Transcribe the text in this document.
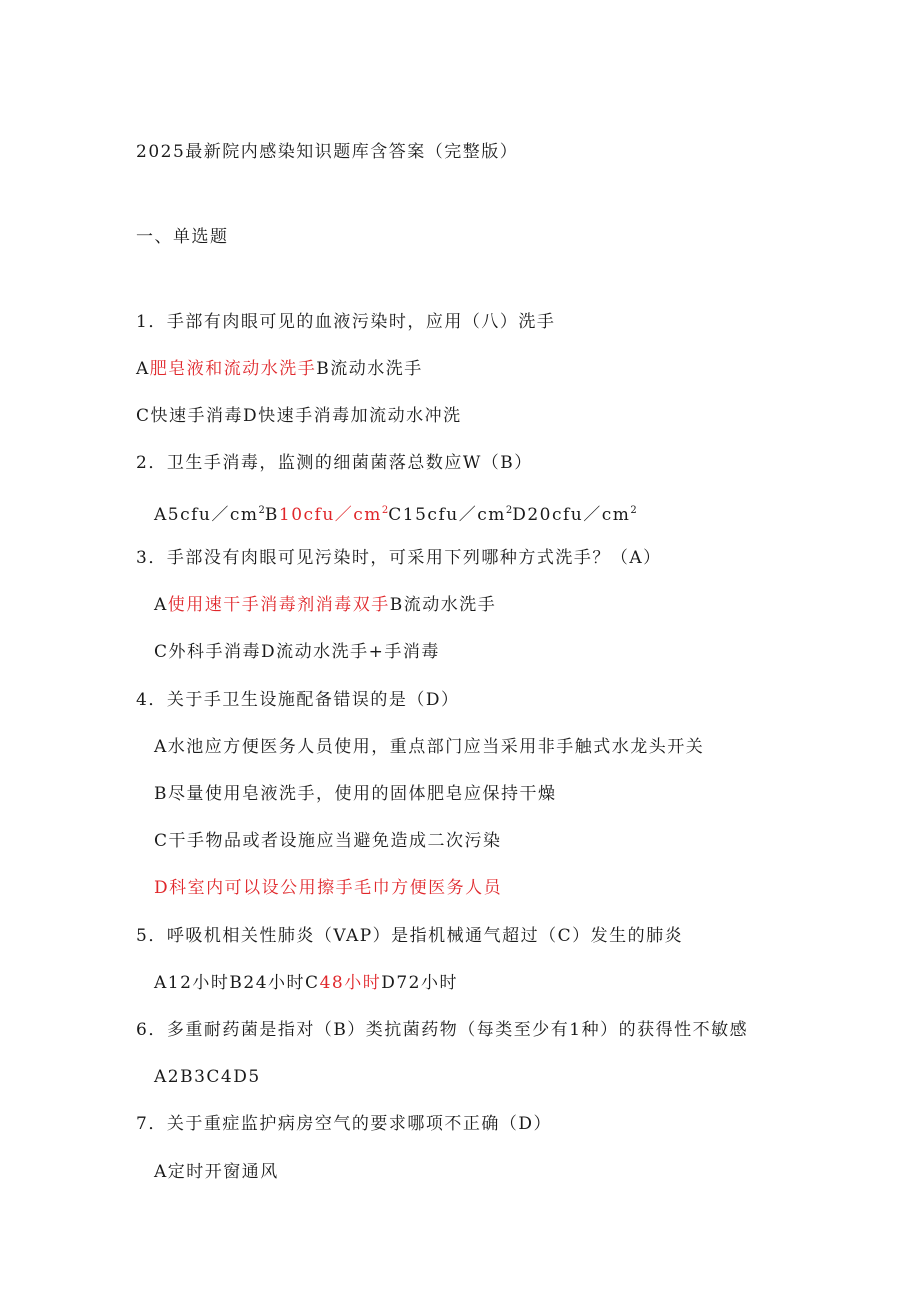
2025最新院内感染知识题库含答案（完整版）
一、单选题
1．手部有肉眼可见的血液污染时，应用（八）洗手
A肥皂液和流动水洗手B流动水洗手
C快速手消毒D快速手消毒加流动水冲洗
2．卫生手消毒，监测的细菌菌落总数应W（B）
$A5cfu/cm^2B10cfu/cm^2C15cfu/cm^2D20cfu/cm^2$
3．手部没有肉眼可见污染时，可采用下列哪种方式洗手？（A）
A使用速干手消毒剂消毒双手B流动水洗手
C外科手消毒D流动水洗手+手消毒
4．关于手卫生设施配备错误的是（D）
A水池应方便医务人员使用，重点部门应当采用非手触式水龙头开关
B尽量使用皂液洗手，使用的固体肥皂应保持干燥
C干手物品或者设施应当避免造成二次污染
D科室内可以设公用擦手毛巾方便医务人员
5．呼吸机相关性肺炎（VAP）是指机械通气超过（C）发生的肺炎
A12小时B24小时C48小时D72小时
6．多重耐药菌是指对（B）类抗菌药物（每类至少有1种）的获得性不敏感
A2B3C4D5
7．关于重症监护病房空气的要求哪项不正确（D）
A定时开窗通风
